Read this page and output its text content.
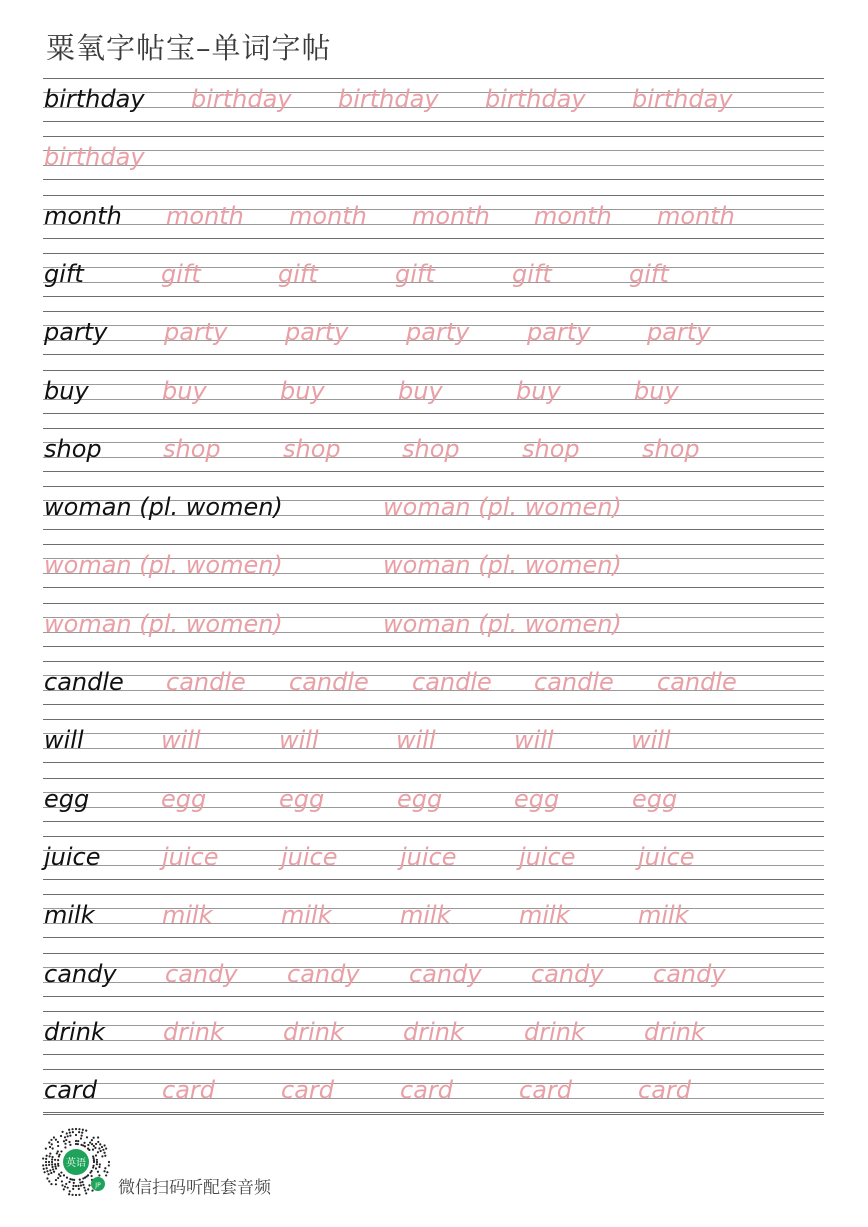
粟氧字帖宝–单词字帖
birthday birthday birthday birthday birthday
birthday
month month month month month month
gift	gift	gift	gift	gift	gift
party party party party party party
buy	buy	buy	buy	buy	buy
shop	shop	shop	shop	shop	shop
woman (pl. women)	woman (pl. women)
woman (pl. women)	woman (pl. women)
woman (pl. women)	woman (pl. women)
candle candle candle candle candle candle
will	will	will	will	will	will
egg	egg	egg	egg	egg	egg
juice	juice	juice	juice	juice	juice
milk	milk	milk	milk	milk	milk
candy candy candy candy candy candy
drink drink drink drink	drink drink
card	card	card	card	card	card
英语
JP 微信扫码听配套音频
